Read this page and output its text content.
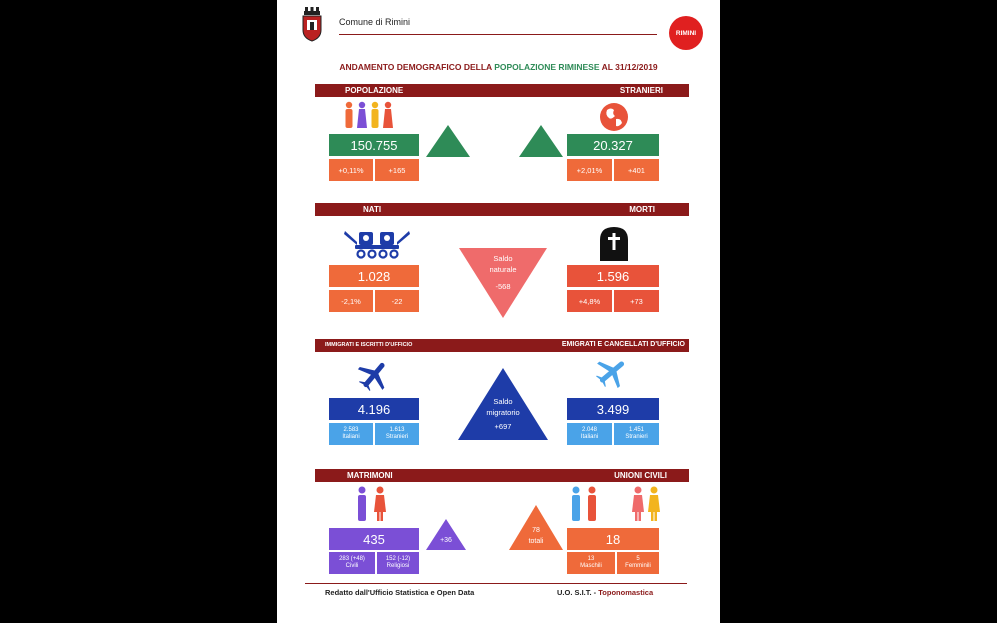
Comune di Rimini
RIMINI
ANDAMENTO DEMOGRAFICO DELLA POPOLAZIONE RIMINESE AL 31/12/2019
POPOLAZIONE	STRANIERI
150.755
+0,11%	+165
20.327
+2,01%	+401
NATI	MORTI
1.028
-2,1%	-22
Saldo
naturale
-568
1.596
+4,8%	+73
IMMIGRATI E ISCRITTI D'UFFICIO	EMIGRATI E CANCELLATI D'UFFICIO
4.196
2.583
Italiani
1.613
Stranieri
Saldo
migratorio
+697
3.499
2.048
Italiani
1.451
Stranieri
MATRIMONI	UNIONI CIVILI
435
283 (+48)
Civili
152 (-12)
Religiosi
+36
78
totali	18
13
Maschili
5
Femminili
Redatto dall'Ufficio Statistica e Open Data	U.O. S.I.T. - Toponomastica
